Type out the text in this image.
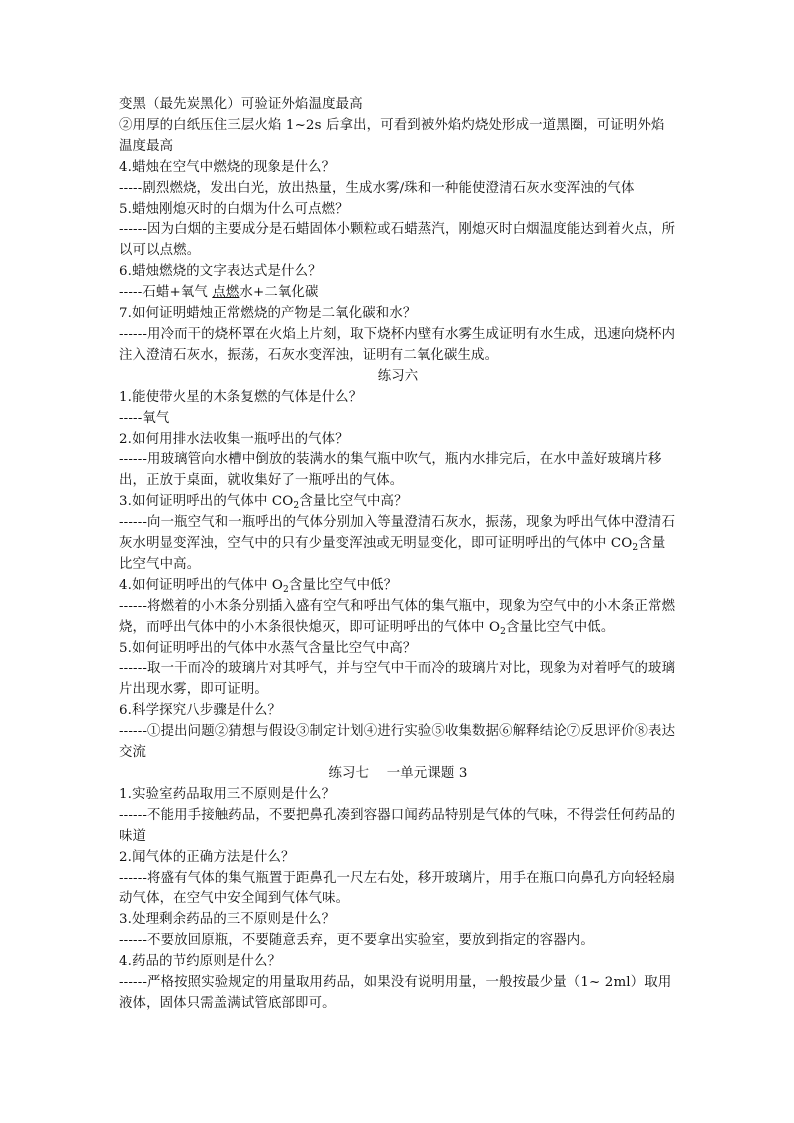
变黑（最先炭黑化）可验证外焰温度最高
②用厚的白纸压住三层火焰 1~2s 后拿出，可看到被外焰灼烧处形成一道黑圈，可证明外焰温度最高
4.蜡烛在空气中燃烧的现象是什么？
-----剧烈燃烧，发出白光，放出热量，生成水雾/珠和一种能使澄清石灰水变浑浊的气体
5.蜡烛刚熄灭时的白烟为什么可点燃？
------因为白烟的主要成分是石蜡固体小颗粒或石蜡蒸汽，刚熄灭时白烟温度能达到着火点，所以可以点燃。
6.蜡烛燃烧的文字表达式是什么？
-----石蜡+氧气 点燃水+二氧化碳
7.如何证明蜡烛正常燃烧的产物是二氧化碳和水？
------用冷而干的烧杯罩在火焰上片刻，取下烧杯内壁有水雾生成证明有水生成，迅速向烧杯内注入澄清石灰水，振荡，石灰水变浑浊，证明有二氧化碳生成。
练习六
1.能使带火星的木条复燃的气体是什么？
-----氧气
2.如何用排水法收集一瓶呼出的气体？
------用玻璃管向水槽中倒放的装满水的集气瓶中吹气，瓶内水排完后，在水中盖好玻璃片移出，正放于桌面，就收集好了一瓶呼出的气体。
3.如何证明呼出的气体中 $CO_2$含量比空气中高？
------向一瓶空气和一瓶呼出的气体分别加入等量澄清石灰水，振荡，现象为呼出气体中澄清石灰水明显变浑浊，空气中的只有少量变浑浊或无明显变化，即可证明呼出的气体中 $CO_2$含量比空气中高。
4.如何证明呼出的气体中 $O_2$含量比空气中低？
------将燃着的小木条分别插入盛有空气和呼出气体的集气瓶中，现象为空气中的小木条正常燃烧，而呼出气体中的小木条很快熄灭，即可证明呼出的气体中 $O_2$含量比空气中低。
5.如何证明呼出的气体中水蒸气含量比空气中高？
------取一干而冷的玻璃片对其呼气，并与空气中干而冷的玻璃片对比，现象为对着呼气的玻璃片出现水雾，即可证明。
6.科学探究八步骤是什么？
------①提出问题②猜想与假设③制定计划④进行实验⑤收集数据⑥解释结论⑦反思评价⑧表达交流
练习七    一单元课题 3
1.实验室药品取用三不原则是什么？
------不能用手接触药品，不要把鼻孔凑到容器口闻药品特别是气体的气味，不得尝任何药品的味道
2.闻气体的正确方法是什么？
------将盛有气体的集气瓶置于距鼻孔一尺左右处，移开玻璃片，用手在瓶口向鼻孔方向轻轻扇动气体，在空气中安全闻到气体气味。
3.处理剩余药品的三不原则是什么？
------不要放回原瓶，不要随意丢弃，更不要拿出实验室，要放到指定的容器内。
4.药品的节约原则是什么？
------严格按照实验规定的用量取用药品，如果没有说明用量，一般按最少量（1~ 2ml）取用液体，固体只需盖满试管底部即可。
